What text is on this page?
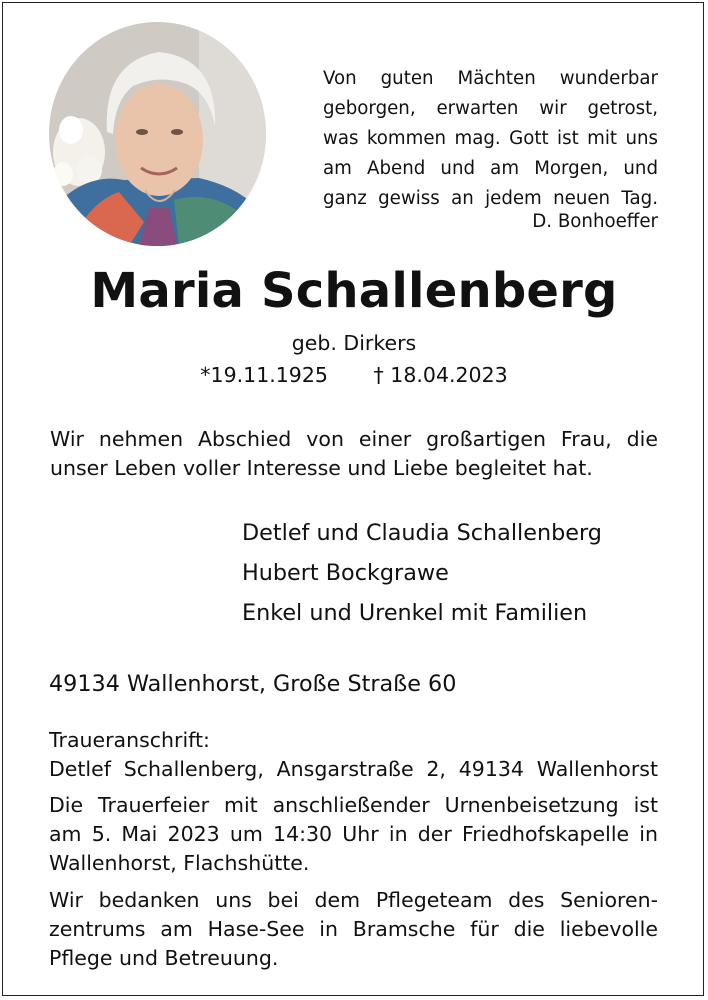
Von guten Mächten wunderbar
geborgen, erwarten wir getrost,
was kommen mag. Gott ist mit uns
am Abend und am Morgen, und
ganz gewiss an jedem neuen Tag.
D. Bonhoeffer
Maria Schallenberg
geb. Dirkers
*19.11.1925       † 18.04.2023
Wir nehmen Abschied von einer großartigen Frau, die
unser Leben voller Interesse und Liebe begleitet hat.
Detlef und Claudia Schallenberg
Hubert Bockgrawe
Enkel und Urenkel mit Familien
49134 Wallenhorst, Große Straße 60
Traueranschrift:
Detlef Schallenberg, Ansgarstraße 2, 49134 Wallenhorst
Die Trauerfeier mit anschließender Urnenbeisetzung ist
am 5. Mai 2023 um 14:30 Uhr in der Friedhofskapelle in
Wallenhorst, Flachshütte.
Wir bedanken uns bei dem Pflegeteam des Senioren-
zentrums am Hase-See in Bramsche für die liebevolle
Pflege und Betreuung.
